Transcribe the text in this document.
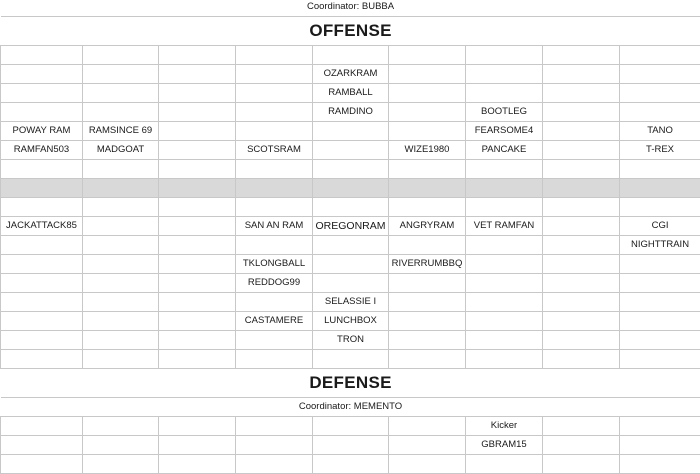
Coordinator: BUBBA								
OFFENSE								

				OZARKRAM				
				RAMBALL				
				RAMDINO		BOOTLEG		
POWAY RAM	RAMSINCE 69					FEARSOME4		TANO
RAMFAN503	MADGOAT		SCOTSRAM		WIZE1980	PANCAKE		T-REX

JACKATTACK85			SAN AN RAM	OREGONRAM	ANGRYRAM	VET RAMFAN		CGI
								NIGHTTRAIN
			TKLONGBALL		RIVERRUMBBQ			
			REDDOG99					
				SELASSIE I				
			CASTAMERE	LUNCHBOX				
				TRON				

DEFENSE								
Coordinator: MEMENTO								
						Kicker		
						GBRAM15		
